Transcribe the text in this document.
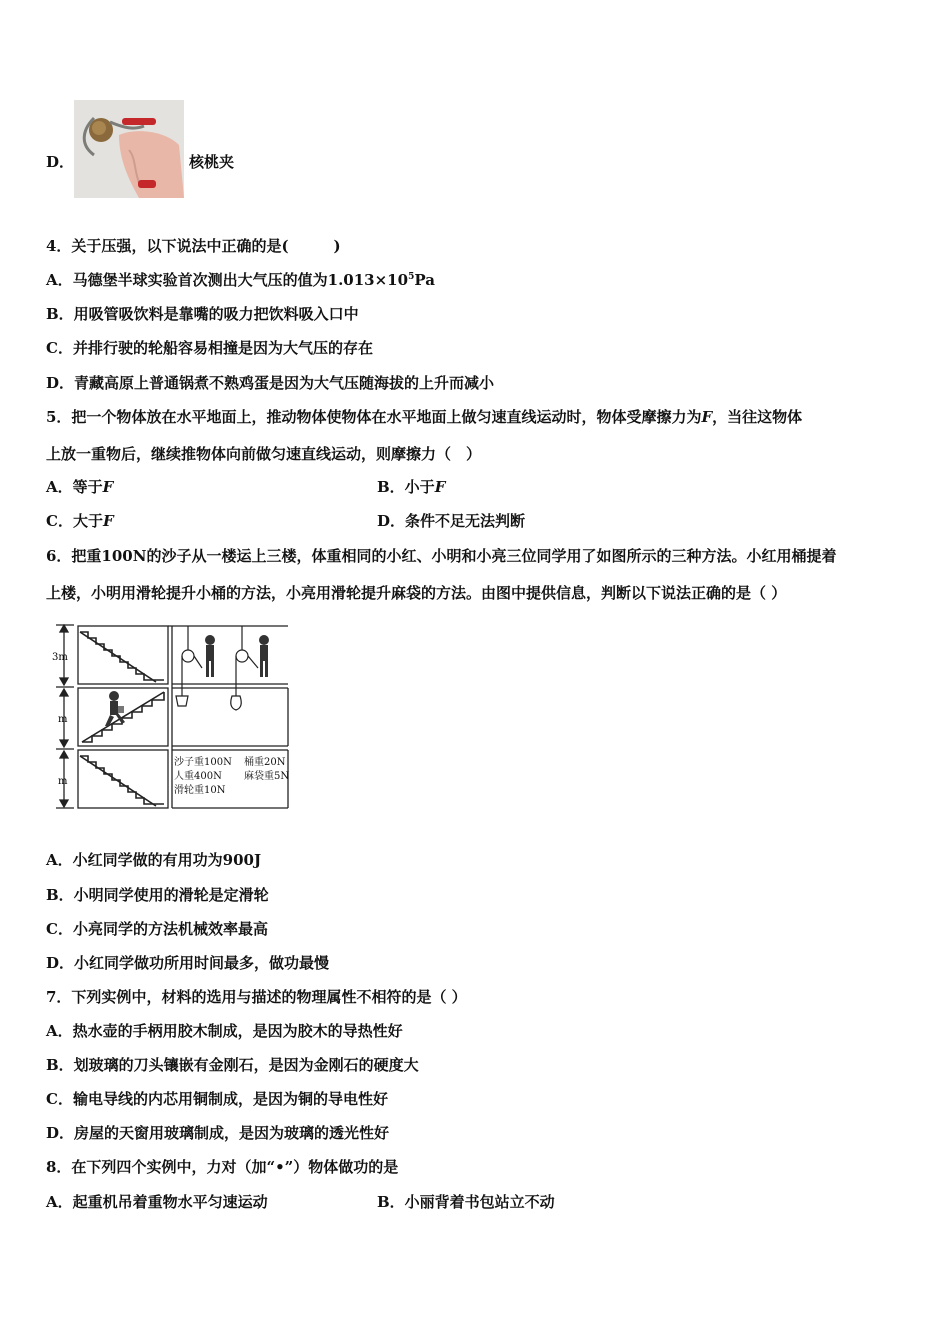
D．	核桃夹
4．关于压强，以下说法中正确的是(　　　)
A．马德堡半球实验首次测出大气压的值为$1.013\times 10^5Pa$
B．用吸管吸饮料是靠嘴的吸力把饮料吸入口中
C．并排行驶的轮船容易相撞是因为大气压的存在
D．青藏高原上普通锅煮不熟鸡蛋是因为大气压随海拔的上升而减小
5．把一个物体放在水平地面上，推动物体使物体在水平地面上做匀速直线运动时，物体受摩擦力为F，当往这物体
上放一重物后，继续推物体向前做匀速直线运动，则摩擦力（　）
A．等于F	B．小于F
C．大于F	D．条件不足无法判断
6．把重100N的沙子从一楼运上三楼，体重相同的小红、小明和小亮三位同学用了如图所示的三种方法。小红用桶提着
上楼，小明用滑轮提升小桶的方法，小亮用滑轮提升麻袋的方法。由图中提供信息，判断以下说法正确的是（ ）
3m
m
m
沙子重100N 桶重20N
人重400N 麻袋重5N
滑轮重10N
A．小红同学做的有用功为900J
B．小明同学使用的滑轮是定滑轮
C．小亮同学的方法机械效率最高
D．小红同学做功所用时间最多，做功最慢
7．下列实例中，材料的选用与描述的物理属性不相符的是（ ）
A．热水壶的手柄用胶木制成，是因为胶木的导热性好
B．划玻璃的刀头镶嵌有金刚石，是因为金刚石的硬度大
C．输电导线的内芯用铜制成，是因为铜的导电性好
D．房屋的天窗用玻璃制成，是因为玻璃的透光性好
8．在下列四个实例中，力对（加“•”）物体做功的是
A．起重机吊着重物水平匀速运动	B．小丽背着书包站立不动
